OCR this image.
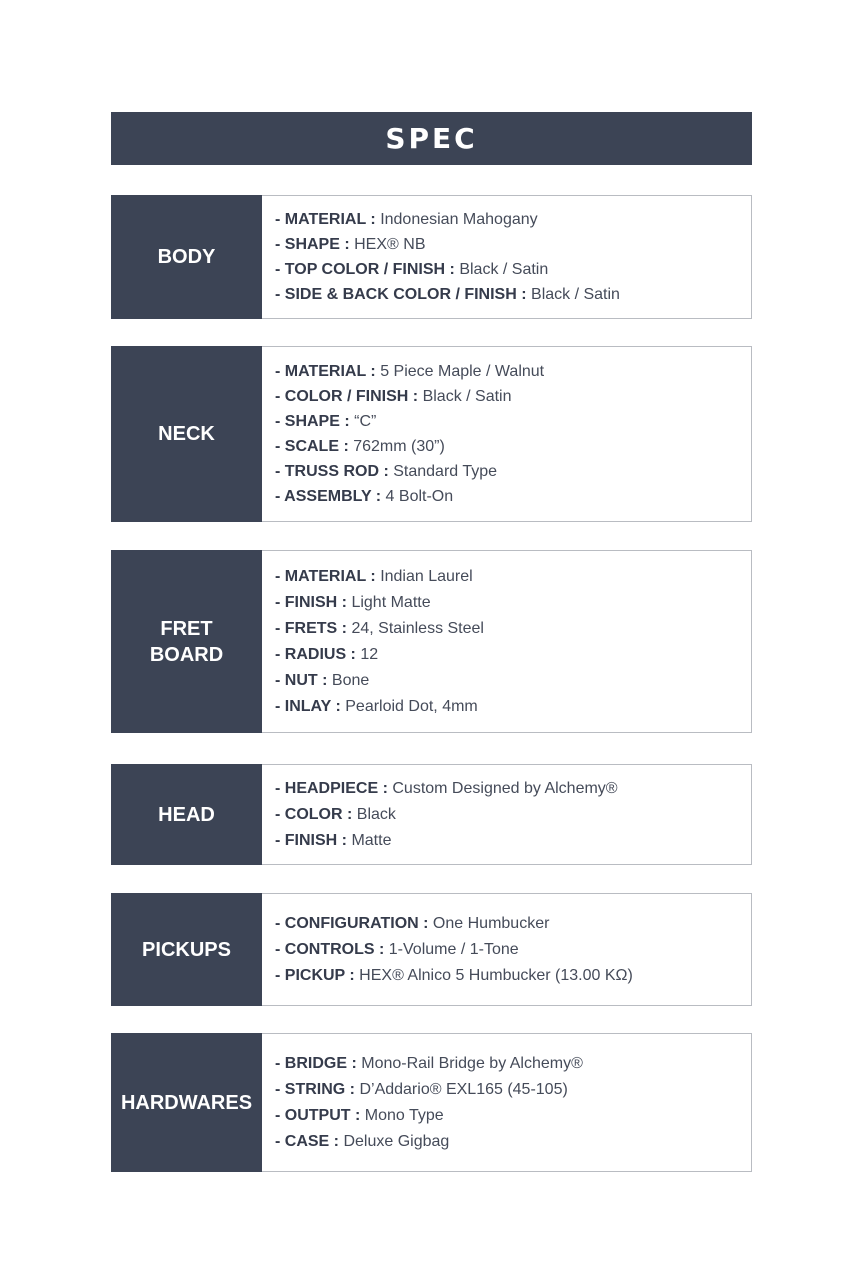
SPEC
BODY
- MATERIAL : Indonesian Mahogany
- SHAPE : HEX® NB
- TOP COLOR / FINISH : Black / Satin
- SIDE & BACK COLOR / FINISH : Black / Satin
NECK
- MATERIAL : 5 Piece Maple / Walnut
- COLOR / FINISH : Black / Satin
- SHAPE : “C”
- SCALE : 762mm (30”)
- TRUSS ROD : Standard Type
- ASSEMBLY : 4 Bolt-On
FRET
BOARD
- MATERIAL : Indian Laurel
- FINISH : Light Matte
- FRETS : 24, Stainless Steel
- RADIUS : 12
- NUT : Bone
- INLAY : Pearloid Dot, 4mm
HEAD
- HEADPIECE : Custom Designed by Alchemy®
- COLOR : Black
- FINISH : Matte
PICKUPS
- CONFIGURATION : One Humbucker
- CONTROLS : 1-Volume / 1-Tone
- PICKUP : HEX® Alnico 5 Humbucker (13.00 KΩ)
HARDWARES
- BRIDGE : Mono-Rail Bridge by Alchemy®
- STRING : D’Addario® EXL165 (45-105)
- OUTPUT : Mono Type
- CASE : Deluxe Gigbag
